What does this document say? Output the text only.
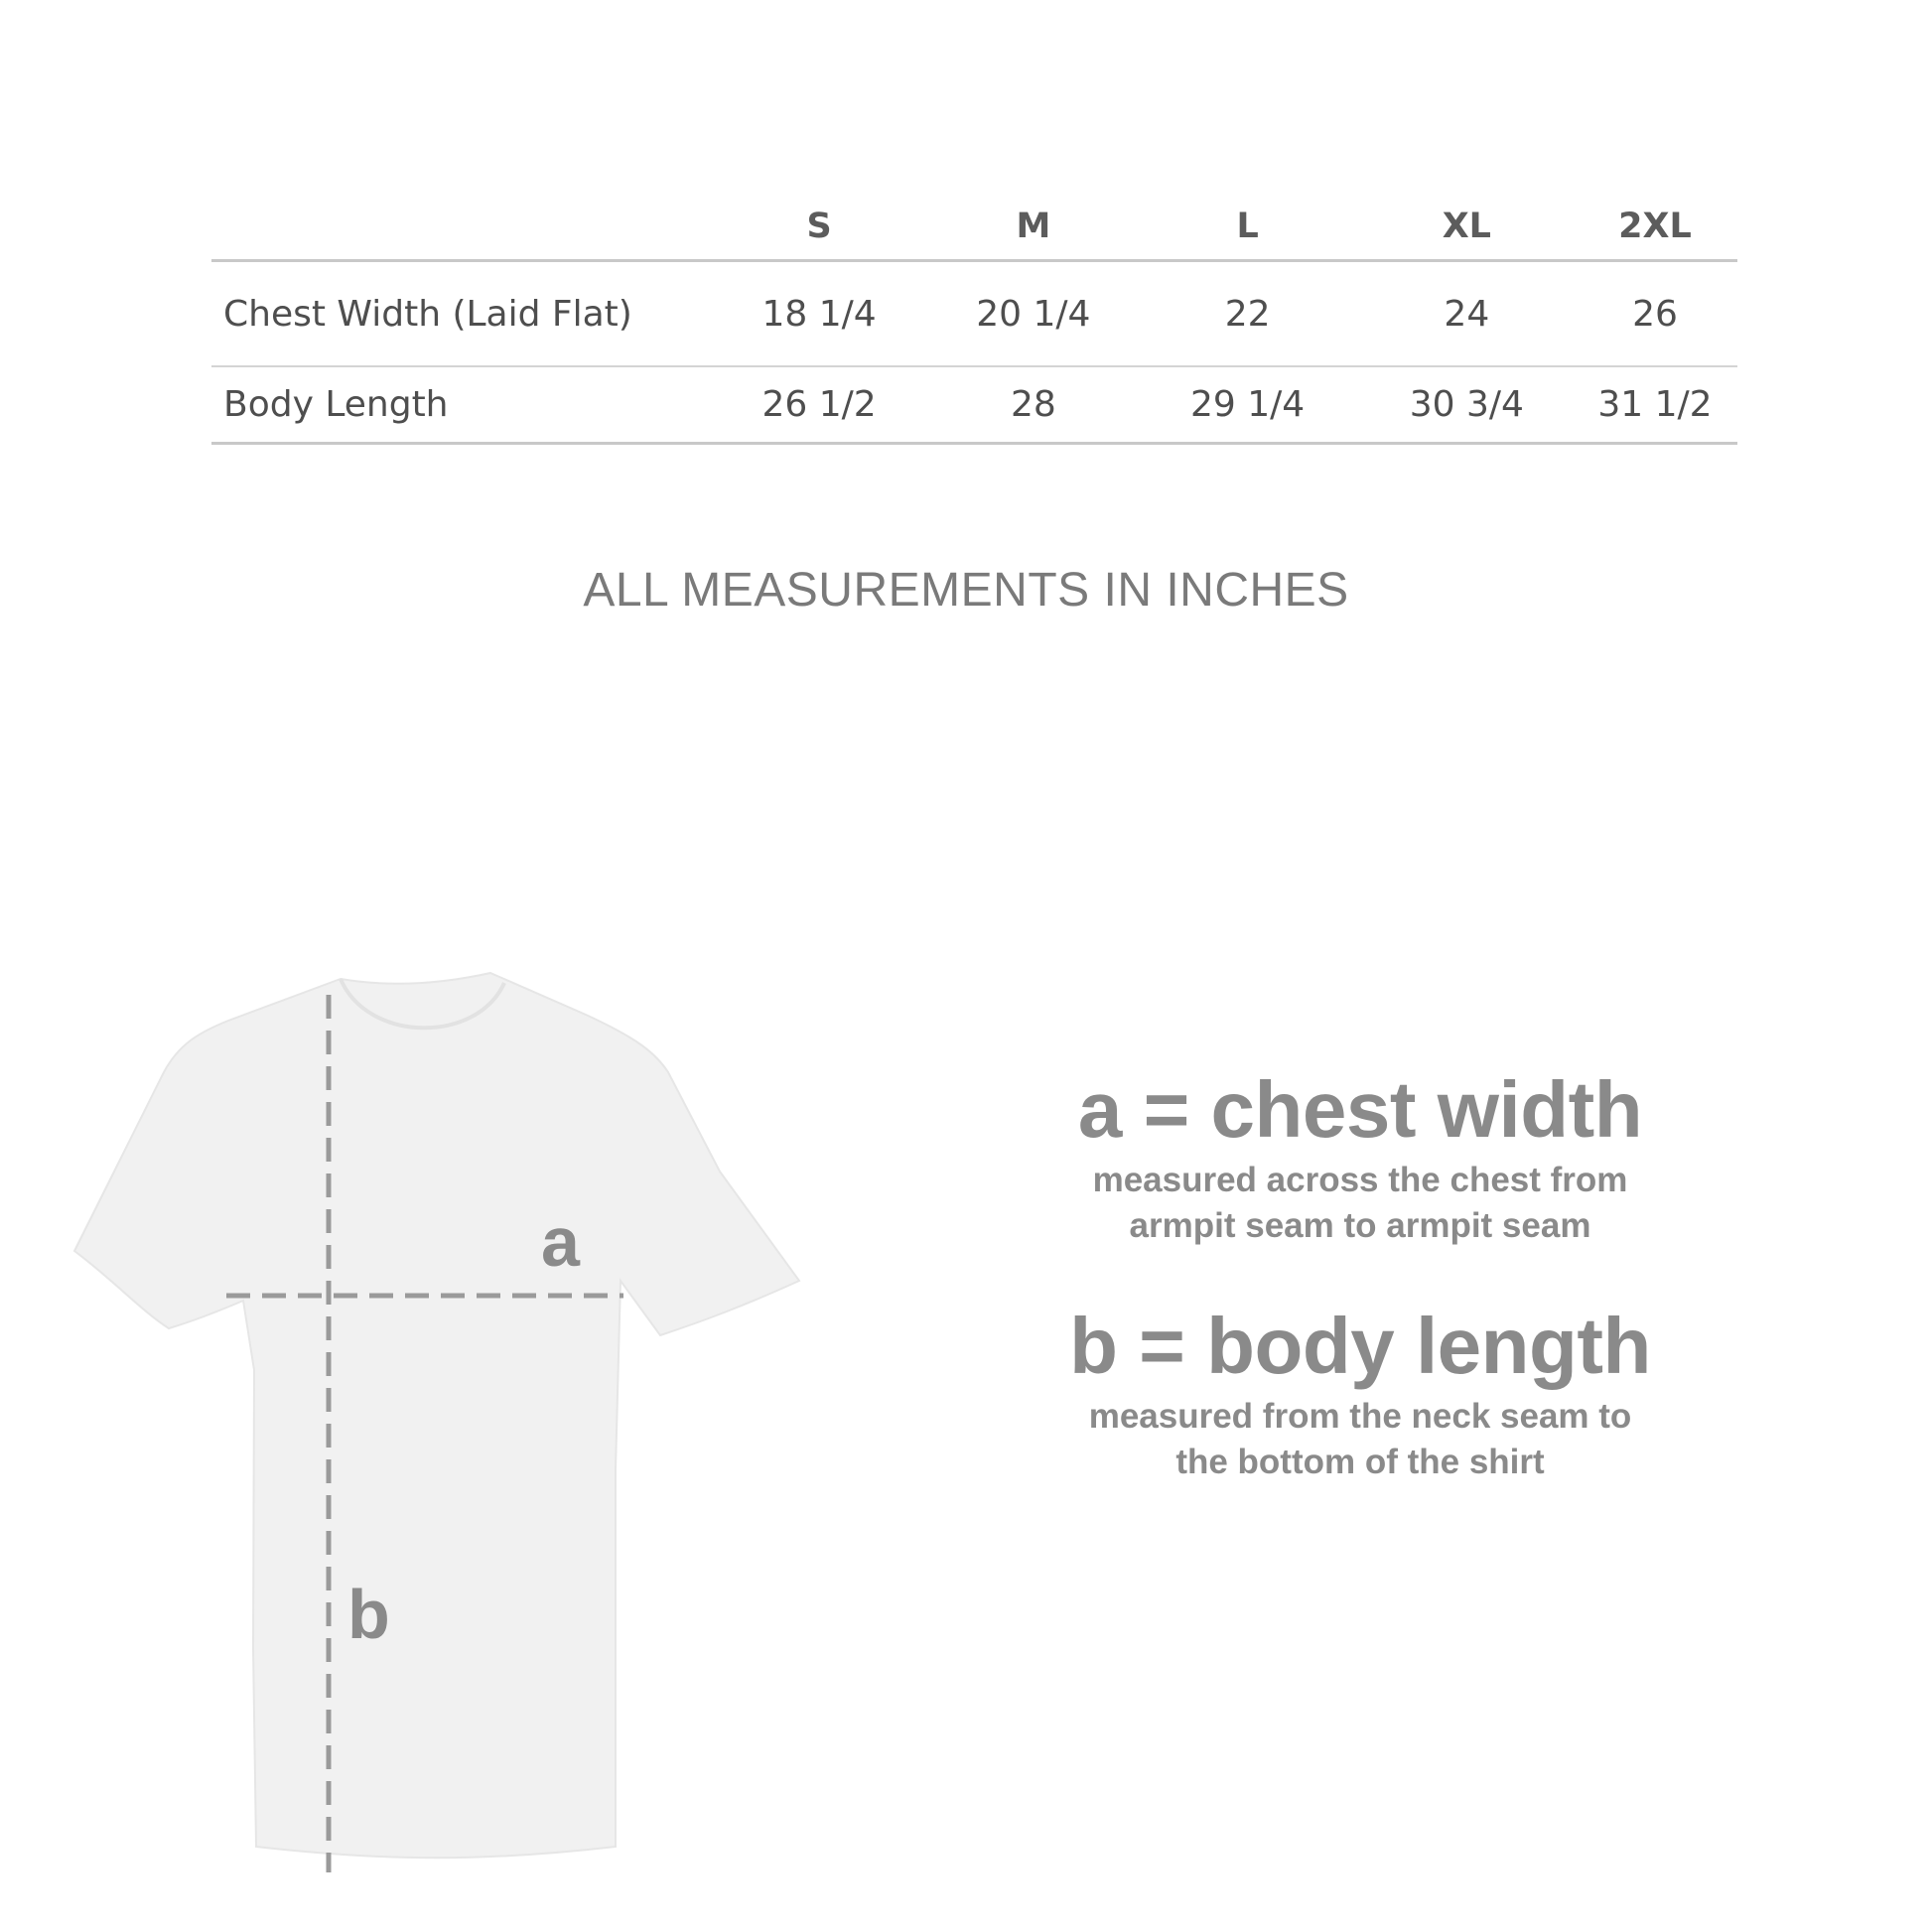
	S	M	L	XL	2XL
Chest Width (Laid Flat)	18 1/4	20 1/4	22	24	26
Body Length	26 1/2	28	29 1/4	30 3/4	31 1/2
ALL MEASUREMENTS IN INCHES
a
b
a = chest width
measured across the chest from
armpit seam to armpit seam
b = body length
measured from the neck seam to
the bottom of the shirt
